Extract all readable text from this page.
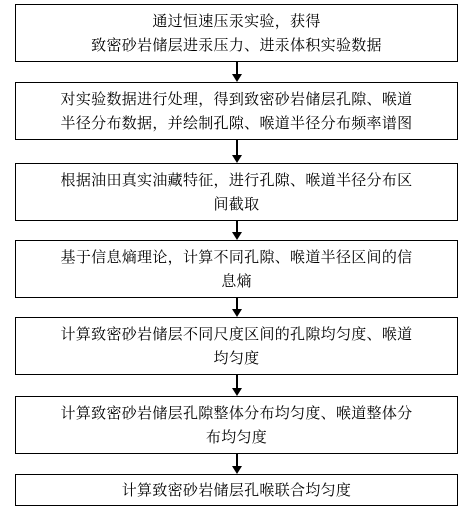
通过恒速压汞实验，获得
致密砂岩储层进汞压力、进汞体积实验数据
对实验数据进行处理，得到致密砂岩储层孔隙、喉道
半径分布数据，并绘制孔隙、喉道半径分布频率谱图
根据油田真实油藏特征，进行孔隙、喉道半径分布区
间截取
基于信息熵理论，计算不同孔隙、喉道半径区间的信
息熵
计算致密砂岩储层不同尺度区间的孔隙均匀度、喉道
均匀度
计算致密砂岩储层孔隙整体分布均匀度、喉道整体分
布均匀度
计算致密砂岩储层孔喉联合均匀度
